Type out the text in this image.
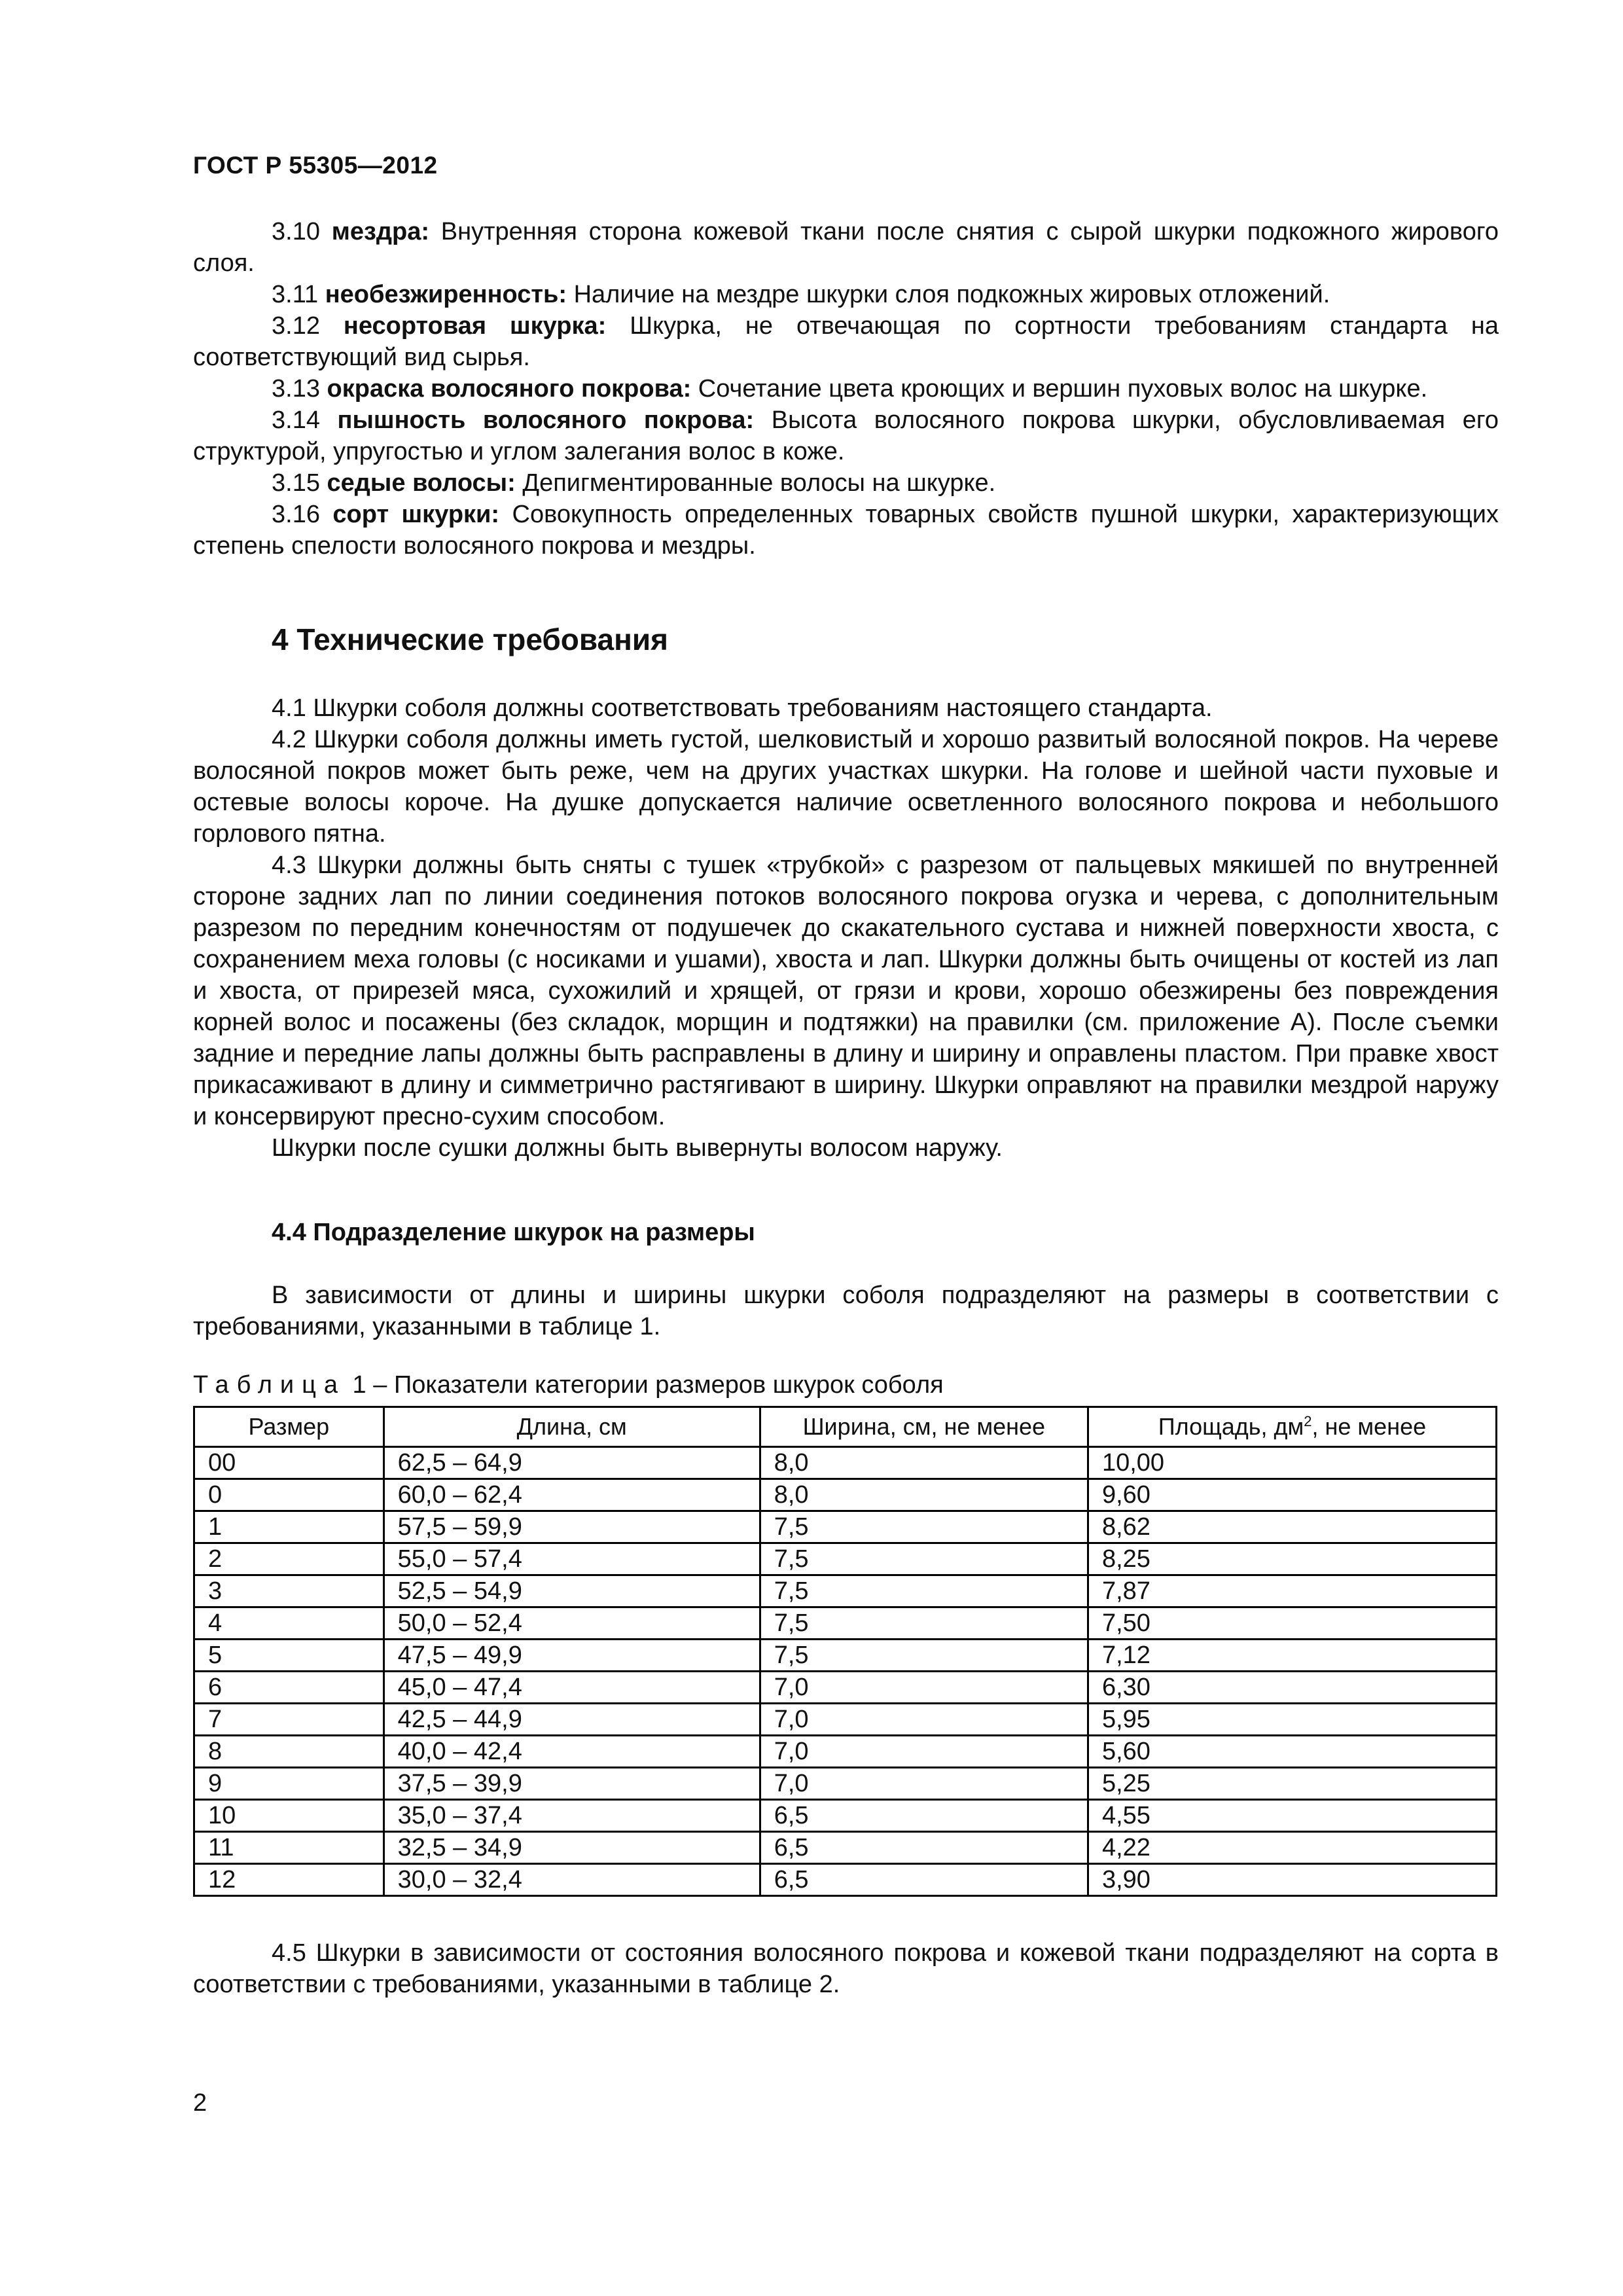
ГОСТ Р 55305—2012

3.10 мездра: Внутренняя сторона кожевой ткани после снятия с сырой шкурки подкожного жирового слоя.

3.11 необезжиренность: Наличие на мездре шкурки слоя подкожных жировых отложений.

3.12 несортовая шкурка: Шкурка, не отвечающая по сортности требованиям стандарта на соответствующий вид сырья.

3.13 окраска волосяного покрова: Сочетание цвета кроющих и вершин пуховых волос на шкурке.

3.14 пышность волосяного покрова: Высота волосяного покрова шкурки, обусловливаемая его структурой, упругостью и углом залегания волос в коже.

3.15 седые волосы: Депигментированные волосы на шкурке.

3.16 сорт шкурки: Совокупность определенных товарных свойств пушной шкурки, характеризующих степень спелости волосяного покрова и мездры.

4 Технические требования

4.1 Шкурки соболя должны соответствовать требованиям настоящего стандарта.

4.2 Шкурки соболя должны иметь густой, шелковистый и хорошо развитый волосяной покров. На череве волосяной покров может быть реже, чем на других участках шкурки. На голове и шейной части пуховые и остевые волосы короче. На душке допускается наличие осветленного волосяного покрова и небольшого горлового пятна.

4.3 Шкурки должны быть сняты с тушек «трубкой» с разрезом от пальцевых мякишей по внутренней стороне задних лап по линии соединения потоков волосяного покрова огузка и черева, с дополнительным разрезом по передним конечностям от подушечек до скакательного сустава и нижней поверхности хвоста, с сохранением меха головы (с носиками и ушами), хвоста и лап. Шкурки должны быть очищены от костей из лап и хвоста, от прирезей мяса, сухожилий и хрящей, от грязи и крови, хорошо обезжирены без повреждения корней волос и посажены (без складок, морщин и подтяжки) на правилки (см. приложение А). После съемки задние и передние лапы должны быть расправлены в длину и ширину и оправлены пластом. При правке хвост прикасаживают в длину и симметрично растягивают в ширину. Шкурки оправляют на правилки мездрой наружу и консервируют пресно-сухим способом.

Шкурки после сушки должны быть вывернуты волосом наружу.

4.4 Подразделение шкурок на размеры

В зависимости от длины и ширины шкурки соболя подразделяют на размеры в соответствии с требованиями, указанными в таблице 1.

Таблица 1 – Показатели категории размеров шкурок соболя
Размер	Длина, см	Ширина, см, не менее	Площадь, $дм^2$, не менее
00	62,5 – 64,9	8,0	10,00
0	60,0 – 62,4	8,0	9,60
1	57,5 – 59,9	7,5	8,62
2	55,0 – 57,4	7,5	8,25
3	52,5 – 54,9	7,5	7,87
4	50,0 – 52,4	7,5	7,50
5	47,5 – 49,9	7,5	7,12
6	45,0 – 47,4	7,0	6,30
7	42,5 – 44,9	7,0	5,95
8	40,0 – 42,4	7,0	5,60
9	37,5 – 39,9	7,0	5,25
10	35,0 – 37,4	6,5	4,55
11	32,5 – 34,9	6,5	4,22
12	30,0 – 32,4	6,5	3,90

4.5 Шкурки в зависимости от состояния волосяного покрова и кожевой ткани подразделяют на сорта в соответствии с требованиями, указанными в таблице 2.

2
